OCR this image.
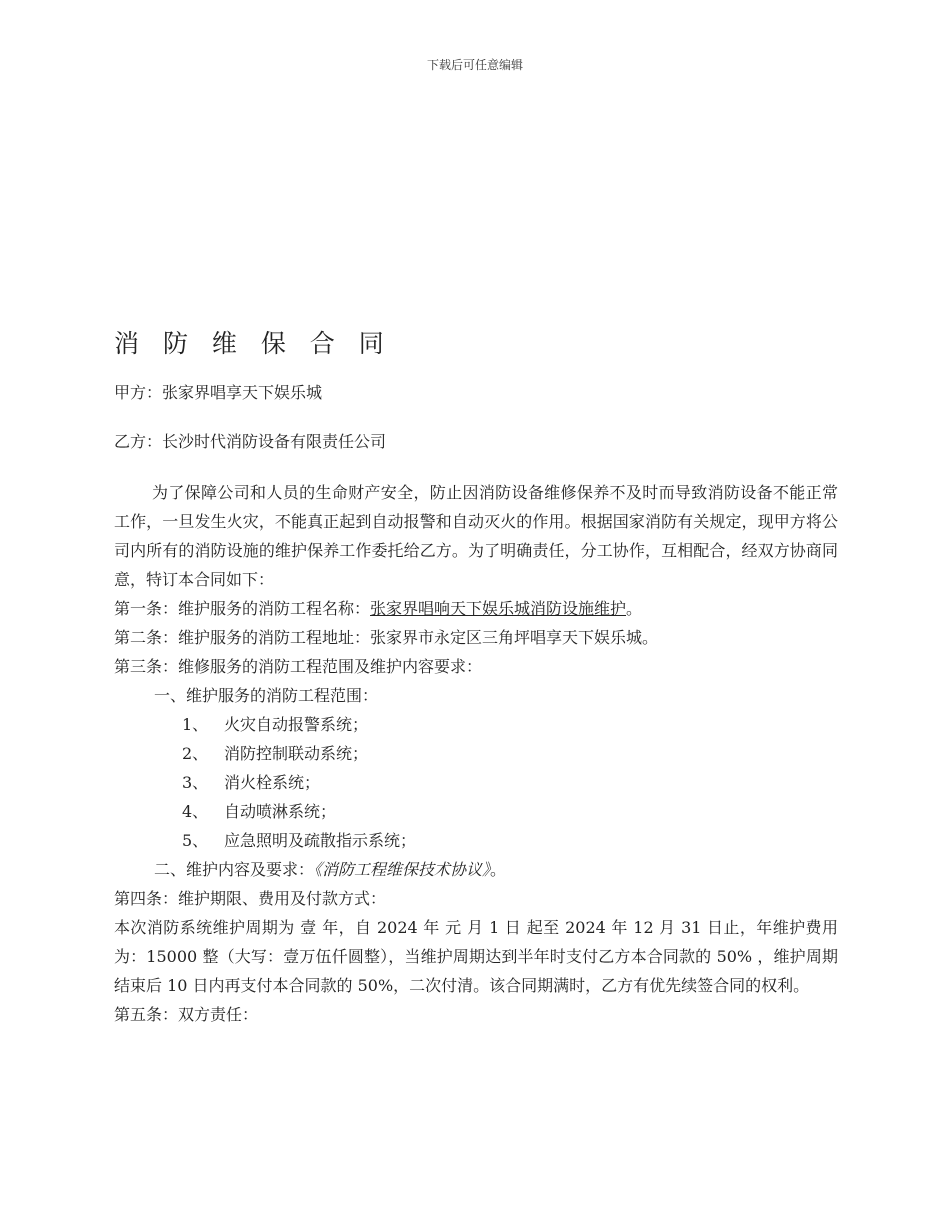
下载后可任意编辑
消 防 维 保 合 同

甲方：张家界唱享天下娱乐城

乙方：长沙时代消防设备有限责任公司

为了保障公司和人员的生命财产安全，防止因消防设备维修保养不及时而导致消防设备不能正常工作，一旦发生火灾，不能真正起到自动报警和自动灭火的作用。根据国家消防有关规定，现甲方将公司内所有的消防设施的维护保养工作委托给乙方。为了明确责任，分工协作，互相配合，经双方协商同意，特订本合同如下：

第一条：维护服务的消防工程名称：张家界唱响天下娱乐城消防设施维护。

第二条：维护服务的消防工程地址：张家界市永定区三角坪唱享天下娱乐城。

第三条：维修服务的消防工程范围及维护内容要求：

一、维护服务的消防工程范围：

1、 火灾自动报警系统；

2、 消防控制联动系统；

3、 消火栓系统；

4、 自动喷淋系统；

5、 应急照明及疏散指示系统；

二、维护内容及要求：《消防工程维保技术协议》。

第四条：维护期限、费用及付款方式：

本次消防系统维护周期为 壹 年，自 2024 年 元 月 1 日 起至 2024 年 12 月 31 日止，年维护费用为：15000 整（大写：壹万伍仟圆整），当维护周期达到半年时支付乙方本合同款的 50% ，维护周期结束后 10 日内再支付本合同款的 50%，二次付清。该合同期满时，乙方有优先续签合同的权利。

第五条：双方责任：
